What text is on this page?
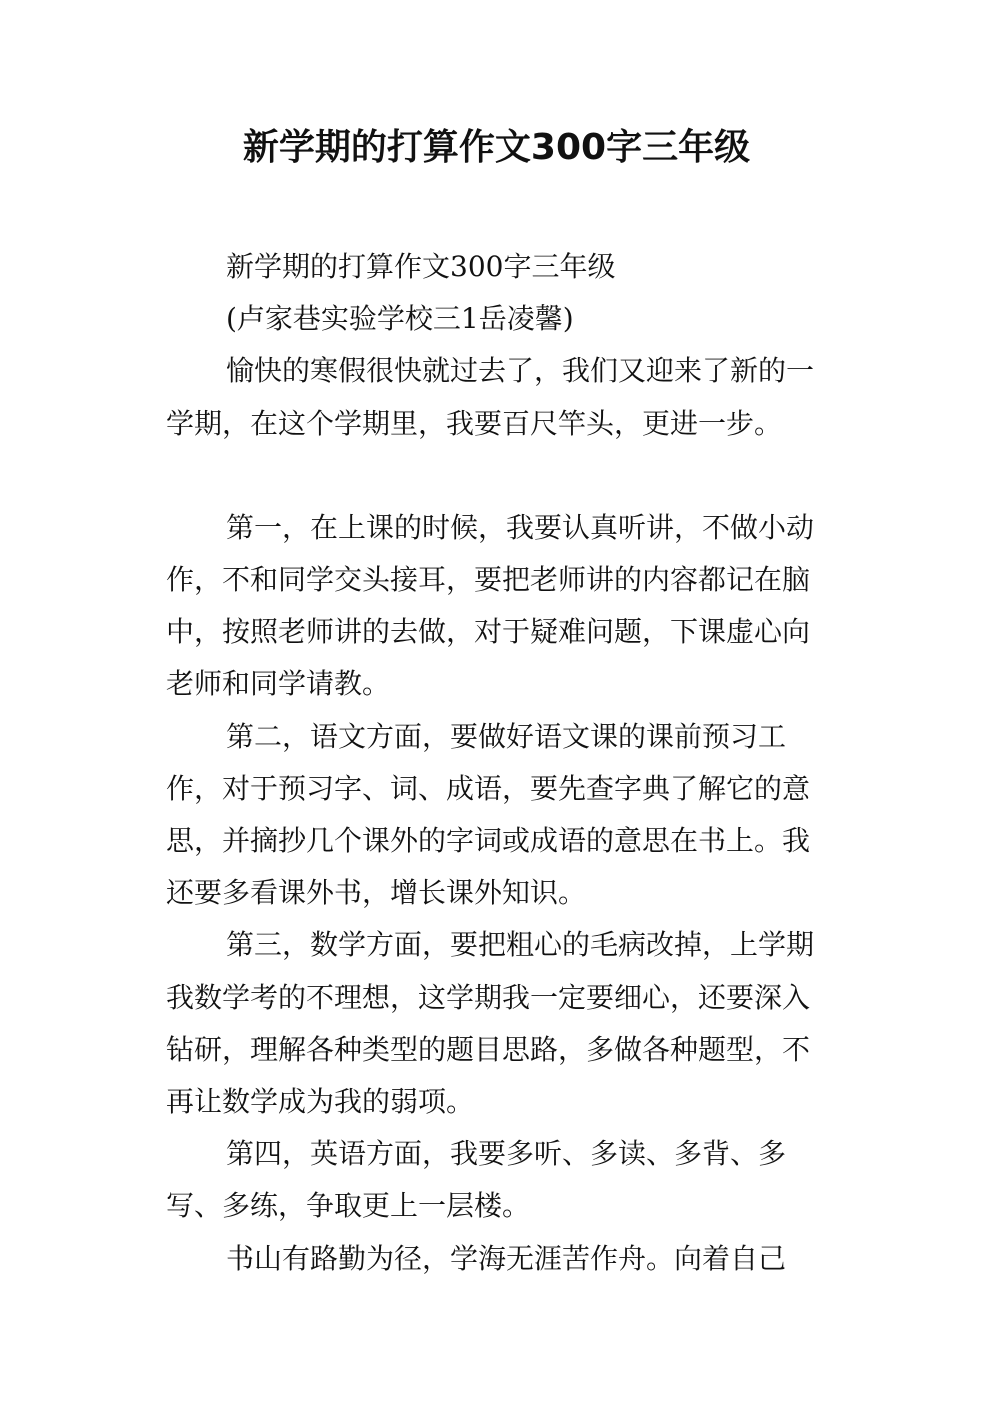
新学期的打算作文300字三年级

新学期的打算作文300字三年级

(卢家巷实验学校三1岳凌馨)

愉快的寒假很快就过去了，我们又迎来了新的一学期，在这个学期里，我要百尺竿头，更进一步。

第一，在上课的时候，我要认真听讲，不做小动作，不和同学交头接耳，要把老师讲的内容都记在脑中，按照老师讲的去做，对于疑难问题，下课虚心向老师和同学请教。

第二，语文方面，要做好语文课的课前预习工作，对于预习字、词、成语，要先查字典了解它的意思，并摘抄几个课外的字词或成语的意思在书上。我还要多看课外书，增长课外知识。

第三，数学方面，要把粗心的毛病改掉，上学期我数学考的不理想，这学期我一定要细心，还要深入钻研，理解各种类型的题目思路，多做各种题型，不再让数学成为我的弱项。

第四，英语方面，我要多听、多读、多背、多写、多练，争取更上一层楼。

书山有路勤为径，学海无涯苦作舟。向着自己
